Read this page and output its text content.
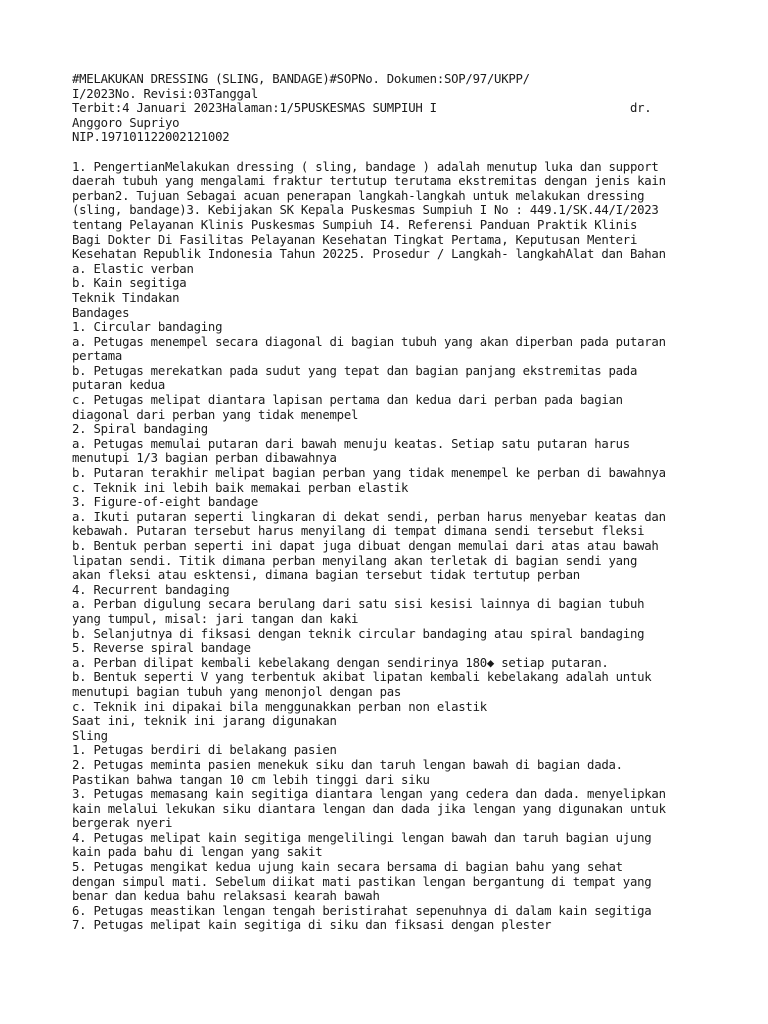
#MELAKUKAN DRESSING (SLING, BANDAGE)#SOPNo. Dokumen:SOP/97/UKPP/
I/2023No. Revisi:03Tanggal
Terbit:4 Januari 2023Halaman:1/5PUSKESMAS SUMPIUH I                           dr.
Anggoro Supriyo
NIP.197101122002121002
1. PengertianMelakukan dressing ( sling, bandage ) adalah menutup luka dan support
daerah tubuh yang mengalami fraktur tertutup terutama ekstremitas dengan jenis kain
perban2. Tujuan Sebagai acuan penerapan langkah-langkah untuk melakukan dressing
(sling, bandage)3. Kebijakan SK Kepala Puskesmas Sumpiuh I No : 449.1/SK.44/I/2023
tentang Pelayanan Klinis Puskesmas Sumpiuh I4. Referensi Panduan Praktik Klinis
Bagi Dokter Di Fasilitas Pelayanan Kesehatan Tingkat Pertama, Keputusan Menteri
Kesehatan Republik Indonesia Tahun 20225. Prosedur / Langkah- langkahAlat dan Bahan
a. Elastic verban
b. Kain segitiga
Teknik Tindakan
Bandages
1. Circular bandaging
a. Petugas menempel secara diagonal di bagian tubuh yang akan diperban pada putaran
pertama
b. Petugas merekatkan pada sudut yang tepat dan bagian panjang ekstremitas pada
putaran kedua
c. Petugas melipat diantara lapisan pertama dan kedua dari perban pada bagian
diagonal dari perban yang tidak menempel
2. Spiral bandaging
a. Petugas memulai putaran dari bawah menuju keatas. Setiap satu putaran harus
menutupi 1/3 bagian perban dibawahnya
b. Putaran terakhir melipat bagian perban yang tidak menempel ke perban di bawahnya
c. Teknik ini lebih baik memakai perban elastik
3. Figure-of-eight bandage
a. Ikuti putaran seperti lingkaran di dekat sendi, perban harus menyebar keatas dan
kebawah. Putaran tersebut harus menyilang di tempat dimana sendi tersebut fleksi
b. Bentuk perban seperti ini dapat juga dibuat dengan memulai dari atas atau bawah
lipatan sendi. Titik dimana perban menyilang akan terletak di bagian sendi yang
akan fleksi atau esktensi, dimana bagian tersebut tidak tertutup perban
4. Recurrent bandaging
a. Perban digulung secara berulang dari satu sisi kesisi lainnya di bagian tubuh
yang tumpul, misal: jari tangan dan kaki
b. Selanjutnya di fiksasi dengan teknik circular bandaging atau spiral bandaging
5. Reverse spiral bandage
a. Perban dilipat kembali kebelakang dengan sendirinya 180◆ setiap putaran.
b. Bentuk seperti V yang terbentuk akibat lipatan kembali kebelakang adalah untuk
menutupi bagian tubuh yang menonjol dengan pas
c. Teknik ini dipakai bila menggunakkan perban non elastik
Saat ini, teknik ini jarang digunakan
Sling
1. Petugas berdiri di belakang pasien
2. Petugas meminta pasien menekuk siku dan taruh lengan bawah di bagian dada.
Pastikan bahwa tangan 10 cm lebih tinggi dari siku
3. Petugas memasang kain segitiga diantara lengan yang cedera dan dada. menyelipkan
kain melalui lekukan siku diantara lengan dan dada jika lengan yang digunakan untuk
bergerak nyeri
4. Petugas melipat kain segitiga mengelilingi lengan bawah dan taruh bagian ujung
kain pada bahu di lengan yang sakit
5. Petugas mengikat kedua ujung kain secara bersama di bagian bahu yang sehat
dengan simpul mati. Sebelum diikat mati pastikan lengan bergantung di tempat yang
benar dan kedua bahu relaksasi kearah bawah
6. Petugas meastikan lengan tengah beristirahat sepenuhnya di dalam kain segitiga
7. Petugas melipat kain segitiga di siku dan fiksasi dengan plester
